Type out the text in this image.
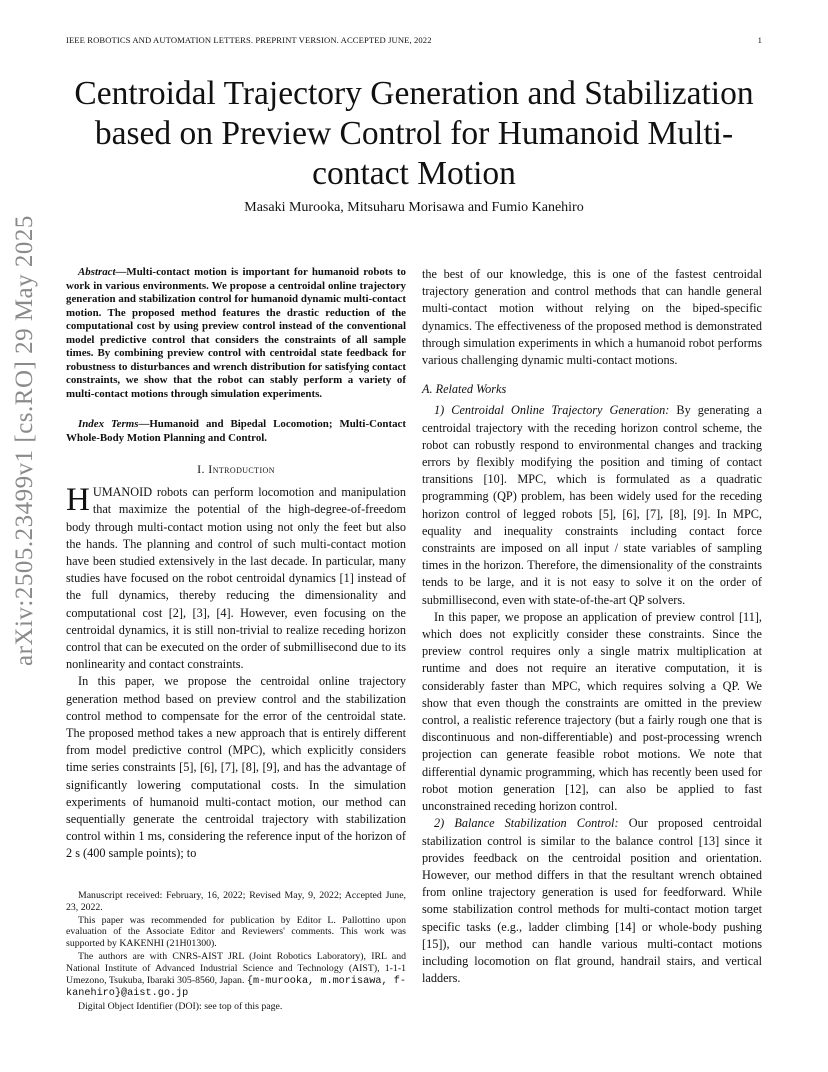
IEEE ROBOTICS AND AUTOMATION LETTERS. PREPRINT VERSION. ACCEPTED JUNE, 2022	1
arXiv:2505.23499v1 [cs.RO] 29 May 2025
Centroidal Trajectory Generation and Stabilization based on Preview Control for Humanoid Multi-contact Motion
Masaki Murooka, Mitsuharu Morisawa and Fumio Kanehiro

Abstract—Multi-contact motion is important for humanoid robots to work in various environments. We propose a centroidal online trajectory generation and stabilization control for humanoid dynamic multi-contact motion. The proposed method features the drastic reduction of the computational cost by using preview control instead of the conventional model predictive control that considers the constraints of all sample times. By combining preview control with centroidal state feedback for robustness to disturbances and wrench distribution for satisfying contact constraints, we show that the robot can stably perform a variety of multi-contact motions through simulation experiments.

Index Terms—Humanoid and Bipedal Locomotion; Multi-Contact Whole-Body Motion Planning and Control.

I. Introduction

HUMANOID robots can perform locomotion and manipulation that maximize the potential of the high-degree-of-freedom body through multi-contact motion using not only the feet but also the hands. The planning and control of such multi-contact motion have been studied extensively in the last decade. In particular, many studies have focused on the robot centroidal dynamics [1] instead of the full dynamics, thereby reducing the dimensionality and computational cost [2], [3], [4]. However, even focusing on the centroidal dynamics, it is still non-trivial to realize receding horizon control that can be executed on the order of submillisecond due to its nonlinearity and contact constraints.

In this paper, we propose the centroidal online trajectory generation method based on preview control and the stabilization control method to compensate for the error of the centroidal state. The proposed method takes a new approach that is entirely different from model predictive control (MPC), which explicitly considers time series constraints [5], [6], [7], [8], [9], and has the advantage of significantly lowering computational costs. In the simulation experiments of humanoid multi-contact motion, our method can sequentially generate the centroidal trajectory with stabilization control within 1 ms, considering the reference input of the horizon of 2 s (400 sample points); to

Manuscript received: February, 16, 2022; Revised May, 9, 2022; Accepted June, 23, 2022.

This paper was recommended for publication by Editor L. Pallottino upon evaluation of the Associate Editor and Reviewers' comments. This work was supported by KAKENHI (21H01300).

The authors are with CNRS-AIST JRL (Joint Robotics Laboratory), IRL and National Institute of Advanced Industrial Science and Technology (AIST), 1-1-1 Umezono, Tsukuba, Ibaraki 305-8560, Japan. {m-murooka, m.morisawa, f-kanehiro}@aist.go.jp

Digital Object Identifier (DOI): see top of this page.

the best of our knowledge, this is one of the fastest centroidal trajectory generation and control methods that can handle general multi-contact motion without relying on the biped-specific dynamics. The effectiveness of the proposed method is demonstrated through simulation experiments in which a humanoid robot performs various challenging dynamic multi-contact motions.

A. Related Works

1) Centroidal Online Trajectory Generation: By generating a centroidal trajectory with the receding horizon control scheme, the robot can robustly respond to environmental changes and tracking errors by flexibly modifying the position and timing of contact transitions [10]. MPC, which is formulated as a quadratic programming (QP) problem, has been widely used for the receding horizon control of legged robots [5], [6], [7], [8], [9]. In MPC, equality and inequality constraints including contact force constraints are imposed on all input / state variables of sampling times in the horizon. Therefore, the dimensionality of the constraints tends to be large, and it is not easy to solve it on the order of submillisecond, even with state-of-the-art QP solvers.

In this paper, we propose an application of preview control [11], which does not explicitly consider these constraints. Since the preview control requires only a single matrix multiplication at runtime and does not require an iterative computation, it is considerably faster than MPC, which requires solving a QP. We show that even though the constraints are omitted in the preview control, a realistic reference trajectory (but a fairly rough one that is discontinuous and non-differentiable) and post-processing wrench projection can generate feasible robot motions. We note that differential dynamic programming, which has recently been used for robot motion generation [12], can also be applied to fast unconstrained receding horizon control.

2) Balance Stabilization Control: Our proposed centroidal stabilization control is similar to the balance control [13] since it provides feedback on the centroidal position and orientation. However, our method differs in that the resultant wrench obtained from online trajectory generation is used for feedforward. While some stabilization control methods for multi-contact motion target specific tasks (e.g., ladder climbing [14] or whole-body pushing [15]), our method can handle various multi-contact motions including locomotion on flat ground, handrail stairs, and vertical ladders.
